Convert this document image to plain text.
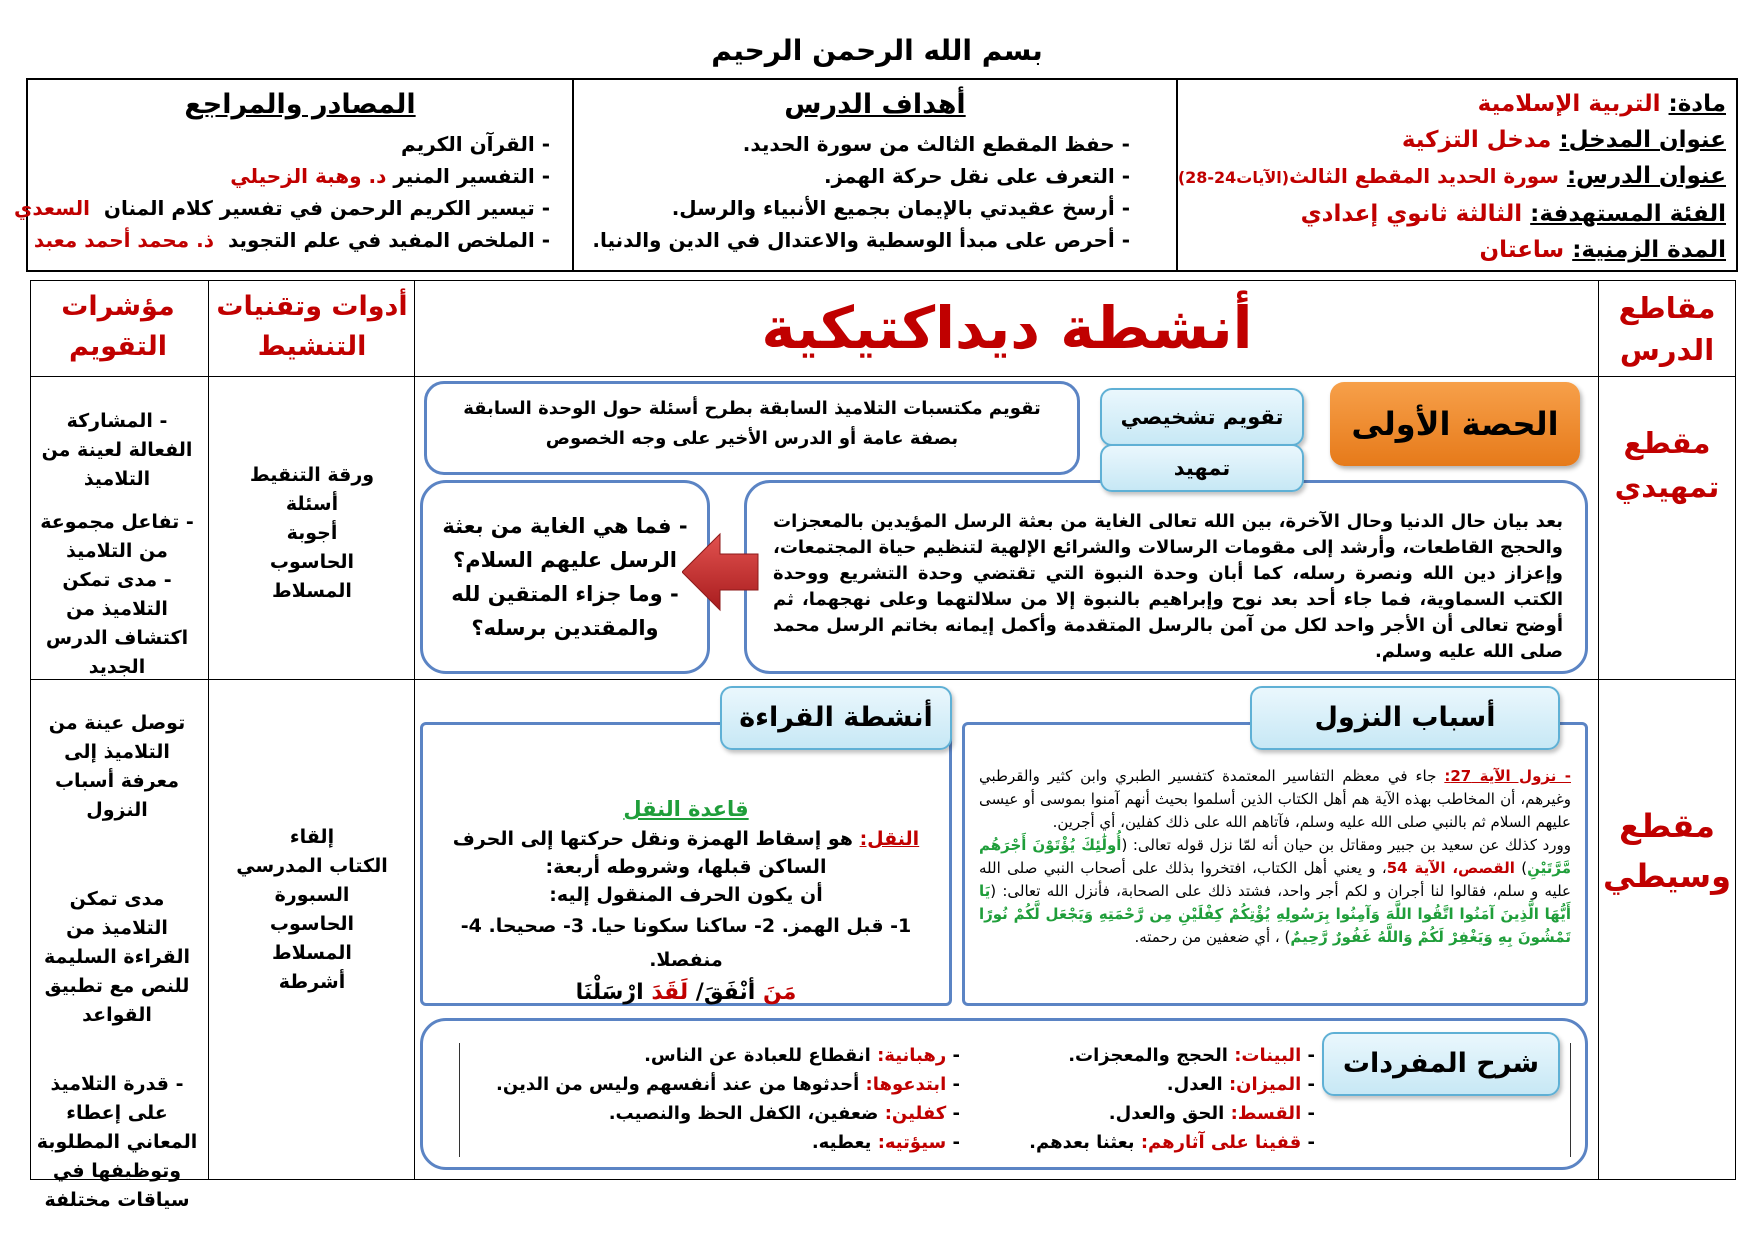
بسم الله الرحمن الرحيم
مادة: التربية الإسلامية
عنوان المدخل: مدخل التزكية
عنوان الدرس: سورة الحديد المقطع الثالث(الآيات24-28)
الفئة المستهدفة: الثالثة ثانوي إعدادي
المدة الزمنية: ساعتان
أهداف الدرس
- حفظ المقطع الثالث من سورة الحديد.
- التعرف على نقل حركة الهمز.
- أرسخ عقيدتي بالإيمان بجميع الأنبياء والرسل.
- أحرص على مبدأ الوسطية والاعتدال في الدين والدنيا.
المصادر والمراجع
- القرآن الكريم
- التفسير المنير د. وهبة الزحيلي
- تيسير الكريم الرحمن في تفسير كلام المنان  السعدي
- الملخص المفيد في علم التجويد  ذ. محمد أحمد معبد
مقاطع الدرس
أنشطة ديداكتيكية
أدوات وتقنيات التنشيط
مؤشرات التقويم
مقطع تمهيدي
مقطع وسيطي
ورقة التنقيط
أسئلة
أجوبة
الحاسوب
المسلاط
- المشاركة الفعالة لعينة من التلاميذ
- تفاعل مجموعة من التلاميذ
- مدى تمكن التلاميذ من اكتشاف الدرس الجديد
إلقاء
الكتاب المدرسي
السبورة
الحاسوب
المسلاط
أشرطة
توصل عينة من التلاميذ إلى معرفة أسباب النزول
مدى تمكن التلاميذ من القراءة السليمة للنص مع تطبيق القواعد
- قدرة التلاميذ على إعطاء المعاني المطلوبة وتوظيفها في سياقات مختلفة
تقويم مكتسبات التلاميذ السابقة بطرح أسئلة حول الوحدة السابقة بصفة عامة أو الدرس الأخير على وجه الخصوص	الحصة الأولى
تقويم تشخيصي
بعد بيان حال الدنيا وحال الآخرة، بين الله تعالى الغاية من بعثة الرسل المؤيدين بالمعجزات والحجج القاطعات، وأرشد إلى مقومات الرسالات والشرائع الإلهية لتنظيم حياة المجتمعات، وإعزاز دين الله ونصرة رسله، كما أبان وحدة النبوة التي تقتضي وحدة التشريع ووحدة الكتب السماوية، فما جاء أحد بعد نوح وإبراهيم بالنبوة إلا من سلالتهما وعلى نهجهما، ثم أوضح تعالى أن الأجر واحد لكل من آمن بالرسل المتقدمة وأكمل إيمانه بخاتم الرسل محمد صلى الله عليه وسلم.
تمهيد
- فما هي الغاية من بعثة الرسل عليهم السلام؟
- وما جزاء المتقين لله والمقتدين برسله؟
- نزول الآية 27: جاء في معظم التفاسير المعتمدة كتفسير الطبري وابن كثير والقرطبي وغيرهم، أن المخاطب بهذه الآية هم أهل الكتاب الذين أسلموا بحيث أنهم آمنوا بموسى أو عيسى عليهم السلام ثم بالنبي صلى الله عليه وسلم، فآتاهم الله على ذلك كفلين، أي أجرين.
وورد كذلك عن سعيد بن جبير ومقاتل بن حيان أنه لمّا نزل قوله تعالى: (أُولَٰئِكَ يُؤْتَوْنَ أَجْرَهُم مَّرَّتَيْنِ) القصص، الآية 54، و يعني أهل الكتاب، افتخروا بذلك على أصحاب النبي صلى الله عليه و سلم، فقالوا لنا أجران و لكم أجر واحد، فشتد ذلك على الصحابة، فأنزل الله تعالى: (يَا أَيُّهَا الَّذِينَ آمَنُوا اتَّقُوا اللَّهَ وَآمِنُوا بِرَسُولِهِ يُؤْتِكُمْ كِفْلَيْنِ مِن رَّحْمَتِهِ وَيَجْعَل لَّكُمْ نُورًا تَمْشُونَ بِهِ وَيَغْفِرْ لَكُمْ وَاللَّهُ غَفُورٌ رَّحِيمٌ) ، أي ضعفين من رحمته.
أسباب النزول
قاعدة النقل
النقل: هو إسقاط الهمزة ونقل حركتها إلى الحرف الساكن قبلها، وشروطه أربعة:
أن يكون الحرف المنقول إليه:
1- قبل الهمز. 2- ساكنا سكونا حيا. 3- صحيحا. 4- منفصلا.
مَنَ أنْفَقَ/ لَقَدَ ارْسَلْنَا
أنشطة القراءة
- البينات: الحجج والمعجزات.
- الميزان: العدل.
- القسط: الحق والعدل.
- قفينا على آثارهم: بعثنا بعدهم.
- رهبانية: انقطاع للعبادة عن الناس.
- ابتدعوها: أحدثوها من عند أنفسهم وليس من الدين.
- كفلين: ضعفين، الكفل الحظ والنصيب.
- سيؤتيه: يعطيه.
شرح المفردات
